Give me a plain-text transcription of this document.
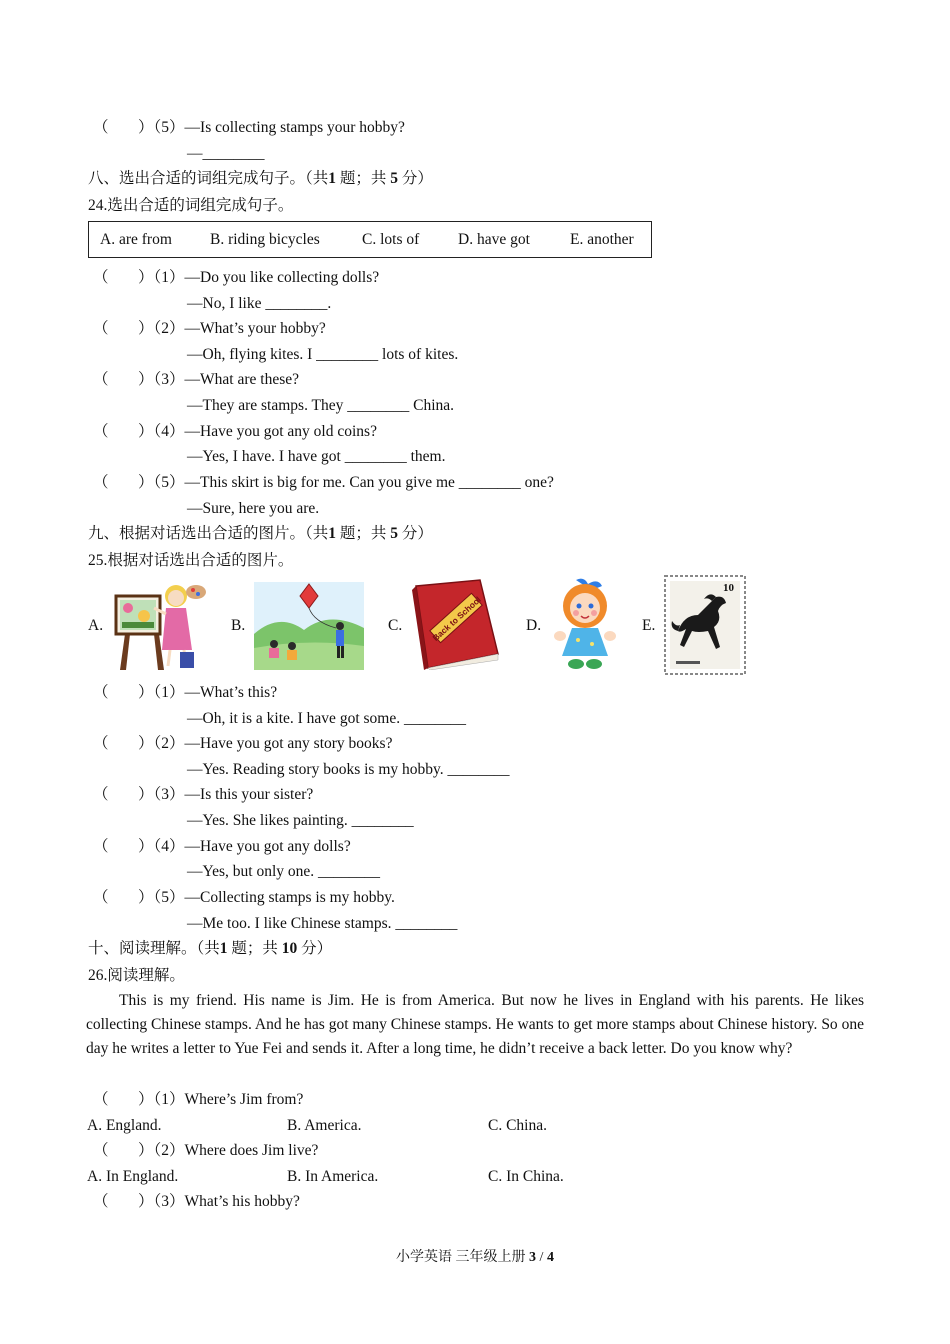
（ ）（5）—Is collecting stamps your hobby?
—________
八、选出合适的词组完成句子。（共1 题；共 5 分）
24.选出合适的词组完成句子。
A. are from B. riding bicycles	C. lots of D. have got	E. another
（ ）（1）—Do you like collecting dolls?
—No, I like ________.
（ ）（2）—What’s your hobby?
—Oh, flying kites. I ________ lots of kites.
（ ）（3）—What are these?
—They are stamps. They ________ China.
（ ）（4）—Have you got any old coins?
—Yes, I have. I have got ________ them.
（ ）（5）—This skirt is big for me. Can you give me ________ one?
—Sure, here you are.
九、根据对话选出合适的图片。（共1 题；共 5 分）
25.根据对话选出合适的图片。
A.	B.	C.	Back to School	D.	E.
10
（ ）（1）—What’s this?
—Oh, it is a kite. I have got some. ________
（ ）（2）—Have you got any story books?
—Yes. Reading story books is my hobby. ________
（ ）（3）—Is this your sister?
—Yes. She likes painting. ________
（ ）（4）—Have you got any dolls?
—Yes, but only one. ________
（ ）（5）—Collecting stamps is my hobby.
—Me too. I like Chinese stamps. ________
十、阅读理解。（共1 题；共 10 分）
26.阅读理解。
This is my friend. His name is Jim. He is from America. But now he lives in England with his parents. He likes collecting Chinese stamps. And he has got many Chinese stamps. He wants to get more stamps about Chinese history. So one day he writes a letter to Yue Fei and sends it. After a long time, he didn’t receive a back letter. Do you know why?
（ ）（1）Where’s Jim from?
A. England.	B. America.	C. China.
（ ）（2）Where does Jim live?
A. In England.	B. In America.	C. In China.
（ ）（3）What’s his hobby?
小学英语 三年级上册 3 / 4
